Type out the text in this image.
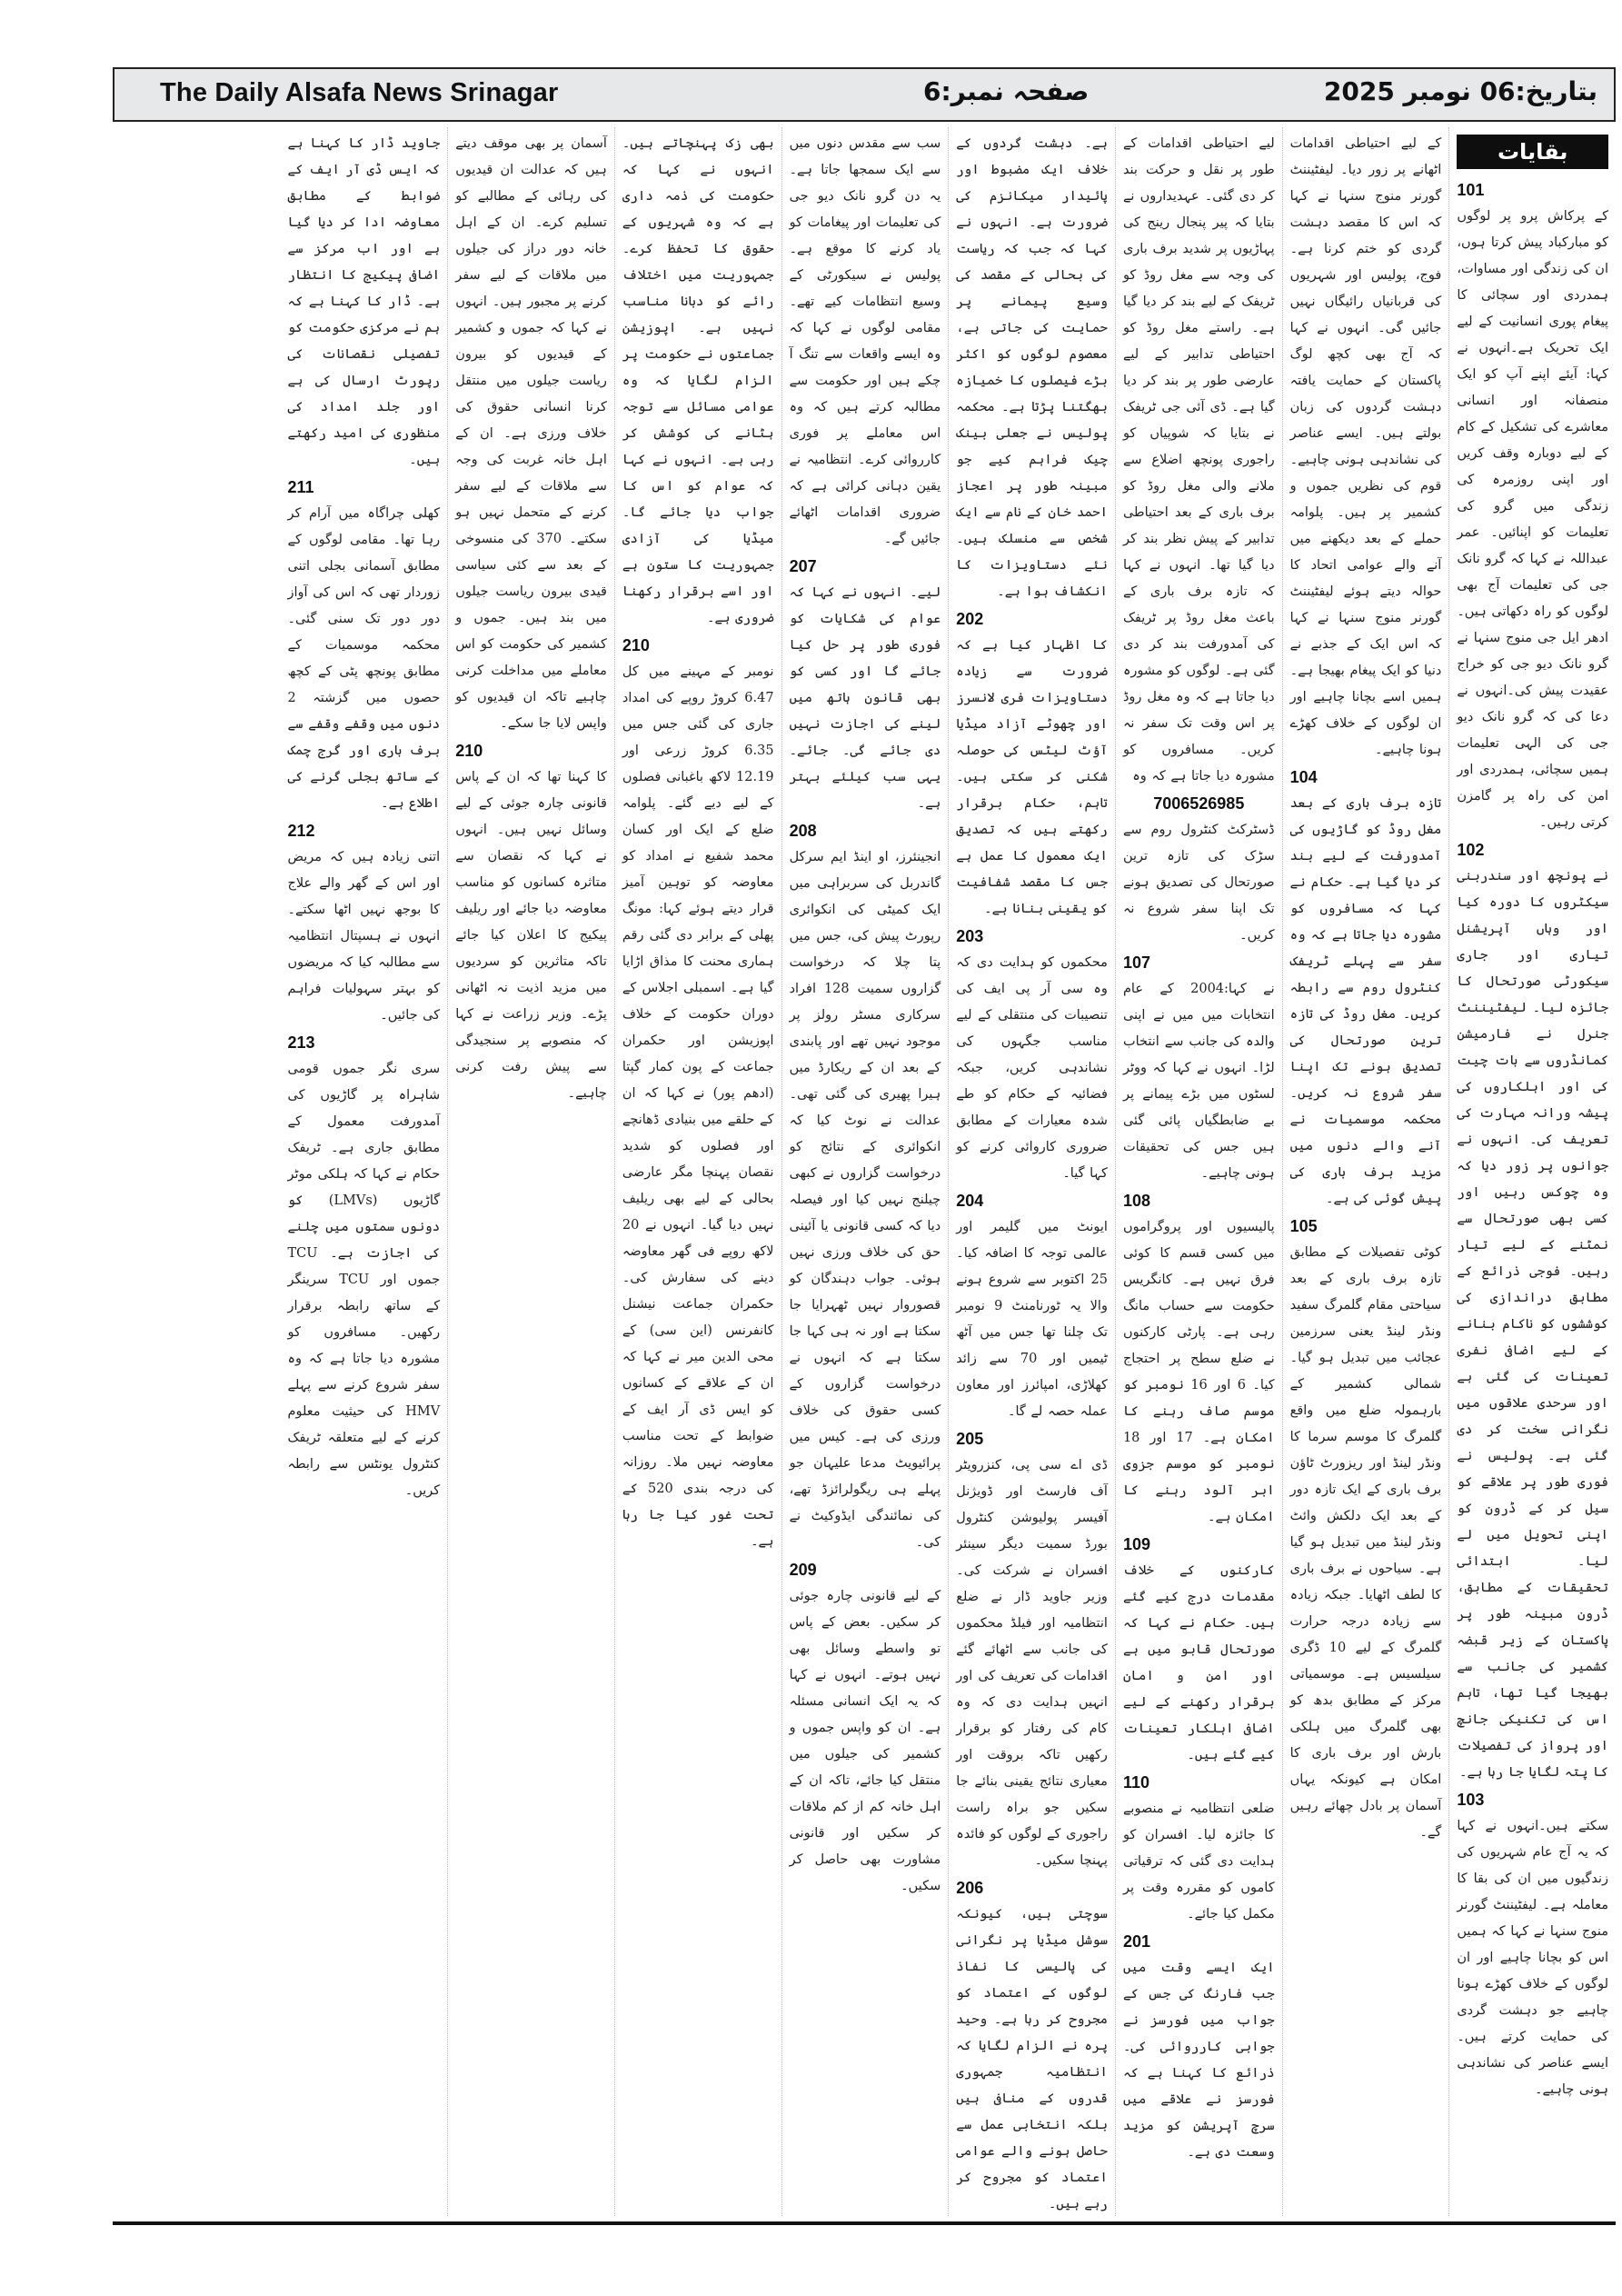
The Daily Alsafa News Srinagar	صفحہ نمبر:6	بتاریخ:06 نومبر 2025
بقایات
101
کے پرکاش پرو پر لوگوں کو مبارکباد پیش کرتا ہوں، ان کی زندگی اور مساوات، ہمدردی اور سچائی کا پیغام پوری انسانیت کے لیے ایک تحریک ہے۔انہوں نے کہا: آیئے اپنے آپ کو ایک منصفانہ اور انسانی معاشرے کی تشکیل کے کام کے لیے دوبارہ وقف کریں اور اپنی روزمرہ کی زندگی میں گرو کی تعلیمات کو اپنائیں۔ عمر عبداللہ نے کہا کہ گرو نانک جی کی تعلیمات آج بھی لوگوں کو راہ دکھاتی ہیں۔ ادھر ایل جی منوج سنہا نے گرو نانک دیو جی کو خراج عقیدت پیش کی۔انہوں نے دعا کی کہ گرو نانک دیو جی کی الہی تعلیمات ہمیں سچائی، ہمدردی اور امن کی راہ پر گامزن کرتی رہیں۔
102
نے پونچھ اور سندربنی سیکٹروں کا دورہ کیا اور وہاں آپریشنل تیاری اور جاری سیکورٹی صورتحال کا جائزہ لیا۔ لیفٹیننٹ جنرل نے فارمیشن کمانڈروں سے بات چیت کی اور اہلکاروں کی پیشہ ورانہ مہارت کی تعریف کی۔ انہوں نے جوانوں پر زور دیا کہ وہ چوکس رہیں اور کسی بھی صورتحال سے نمٹنے کے لیے تیار رہیں۔ فوجی ذرائع کے مطابق دراندازی کی کوششوں کو ناکام بنانے کے لیے اضافی نفری تعینات کی گئی ہے اور سرحدی علاقوں میں نگرانی سخت کر دی گئی ہے۔ پولیس نے فوری طور پر علاقے کو سیل کر کے ڈرون کو اپنی تحویل میں لے لیا۔ ابتدائی تحقیقات کے مطابق، ڈرون مبینہ طور پر پاکستان کے زیر قبضہ کشمیر کی جانب سے بھیجا گیا تھا، تاہم اس کی تکنیکی جانچ اور پرواز کی تفصیلات کا پتہ لگایا جا رہا ہے۔
103
سکتے ہیں۔انہوں نے کہا کہ یہ آج عام شہریوں کی زندگیوں میں ان کی بقا کا معاملہ ہے۔ لیفٹیننٹ گورنر منوج سنہا نے کہا کہ ہمیں اس کو بچانا چاہیے اور ان لوگوں کے خلاف کھڑے ہونا چاہیے جو دہشت گردی کی حمایت کرتے ہیں۔ ایسے عناصر کی نشاندہی ہونی چاہیے۔
کے لیے احتیاطی اقدامات اٹھانے پر زور دیا۔ لیفٹیننٹ گورنر منوج سنہا نے کہا کہ اس کا مقصد دہشت گردی کو ختم کرنا ہے۔ فوج، پولیس اور شہریوں کی قربانیاں رائیگاں نہیں جائیں گی۔ انہوں نے کہا کہ آج بھی کچھ لوگ پاکستان کے حمایت یافتہ دہشت گردوں کی زبان بولتے ہیں۔ ایسے عناصر کی نشاندہی ہونی چاہیے۔ قوم کی نظریں جموں و کشمیر پر ہیں۔ پلوامہ حملے کے بعد دیکھنے میں آنے والے عوامی اتحاد کا حوالہ دیتے ہوئے لیفٹیننٹ گورنر منوج سنہا نے کہا کہ اس ایک کے جذبے نے دنیا کو ایک پیغام بھیجا ہے۔ ہمیں اسے بچانا چاہیے اور ان لوگوں کے خلاف کھڑے ہونا چاہیے۔
104
تازہ برف باری کے بعد مغل روڈ کو گاڑیوں کی آمدورفت کے لیے بند کر دیا گیا ہے۔ حکام نے کہا کہ مسافروں کو مشورہ دیا جاتا ہے کہ وہ سفر سے پہلے ٹریفک کنٹرول روم سے رابطہ کریں۔ مغل روڈ کی تازہ ترین صورتحال کی تصدیق ہونے تک اپنا سفر شروع نہ کریں۔ محکمہ موسمیات نے آنے والے دنوں میں مزید برف باری کی پیش گوئی کی ہے۔
105
کوٹی تفصیلات کے مطابق تازہ برف باری کے بعد سیاحتی مقام گلمرگ سفید ونڈر لینڈ یعنی سرزمین عجائب میں تبدیل ہو گیا۔ شمالی کشمیر کے بارہمولہ ضلع میں واقع گلمرگ کا موسم سرما کا ونڈر لینڈ اور ریزورٹ ٹاؤن برف باری کے ایک تازہ دور کے بعد ایک دلکش وائٹ ونڈر لینڈ میں تبدیل ہو گیا ہے۔ سیاحوں نے برف باری کا لطف اٹھایا۔ جبکہ زیادہ سے زیادہ درجہ حرارت گلمرگ کے لیے 10 ڈگری سیلسیس ہے۔ موسمیاتی مرکز کے مطابق بدھ کو بھی گلمرگ میں ہلکی بارش اور برف باری کا امکان ہے کیونکہ یہاں آسمان پر بادل چھائے رہیں گے۔
لیے احتیاطی اقدامات کے طور پر نقل و حرکت بند کر دی گئی۔ عہدیداروں نے بتایا کہ پیر پنجال رینج کی پہاڑیوں پر شدید برف باری کی وجہ سے مغل روڈ کو ٹریفک کے لیے بند کر دیا گیا ہے۔ راستے مغل روڈ کو احتیاطی تدابیر کے لیے عارضی طور پر بند کر دیا گیا ہے۔ ڈی آئی جی ٹریفک نے بتایا کہ شوپیاں کو راجوری پونچھ اضلاع سے ملانے والی مغل روڈ کو برف باری کے بعد احتیاطی تدابیر کے پیش نظر بند کر دیا گیا تھا۔ انہوں نے کہا کہ تازہ برف باری کے باعث مغل روڈ پر ٹریفک کی آمدورفت بند کر دی گئی ہے۔ لوگوں کو مشورہ دیا جاتا ہے کہ وہ مغل روڈ پر اس وقت تک سفر نہ کریں۔ مسافروں کو مشورہ دیا جاتا ہے کہ وہ
7006526985
ڈسٹرکٹ کنٹرول روم سے سڑک کی تازہ ترین صورتحال کی تصدیق ہونے تک اپنا سفر شروع نہ کریں۔
107
نے کہا:2004 کے عام انتخابات میں میں نے اپنی والدہ کی جانب سے انتخاب لڑا۔ انہوں نے کہا کہ ووٹر لسٹوں میں بڑے پیمانے پر بے ضابطگیاں پائی گئی ہیں جس کی تحقیقات ہونی چاہیے۔
108
پالیسیوں اور پروگراموں میں کسی قسم کا کوئی فرق نہیں ہے۔ کانگریس حکومت سے حساب مانگ رہی ہے۔ پارٹی کارکنوں نے ضلع سطح پر احتجاج کیا۔ 6 اور 16 نومبر کو موسم صاف رہنے کا امکان ہے۔ 17 اور 18 نومبر کو موسم جزوی ابر آلود رہنے کا امکان ہے۔
109
کارکنوں کے خلاف مقدمات درج کیے گئے ہیں۔ حکام نے کہا کہ صورتحال قابو میں ہے اور امن و امان برقرار رکھنے کے لیے اضافی اہلکار تعینات کیے گئے ہیں۔
110
ضلعی انتظامیہ نے منصوبے کا جائزہ لیا۔ افسران کو ہدایت دی گئی کہ ترقیاتی کاموں کو مقررہ وقت پر مکمل کیا جائے۔
201
ایک ایسے وقت میں جب فارنگ کی جس کے جواب میں فورسز نے جوابی کارروائی کی۔ ذرائع کا کہنا ہے کہ فورسز نے علاقے میں سرچ آپریشن کو مزید وسعت دی ہے۔
ہے۔ دہشت گردوں کے خلاف ایک مضبوط اور پائیدار میکانزم کی ضرورت ہے۔ انہوں نے کہا کہ جب کہ ریاست کی بحالی کے مقصد کی وسیع پیمانے پر حمایت کی جاتی ہے، معصوم لوگوں کو اکثر بڑے فیصلوں کا خمیازہ بھگتنا پڑتا ہے۔ محکمہ پولیس نے جعلی بینک چیک فراہم کیے جو مبینہ طور پر اعجاز احمد خان کے نام سے ایک شخص سے منسلک ہیں۔ نئے دستاویزات کا انکشاف ہوا ہے۔
202
کا اظہار کیا ہے کہ ضرورت سے زیادہ دستاویزات فری لانسرز اور چھوٹے آزاد میڈیا آؤٹ لیٹس کی حوصلہ شکنی کر سکتی ہیں۔ تاہم، حکام برقرار رکھتے ہیں کہ تصدیق ایک معمول کا عمل ہے جس کا مقصد شفافیت کو یقینی بنانا ہے۔
203
محکموں کو ہدایت دی کہ وہ سی آر پی ایف کی تنصیبات کی منتقلی کے لیے مناسب جگہوں کی نشاندہی کریں، جبکہ فضائیہ کے حکام کو طے شدہ معیارات کے مطابق ضروری کاروائی کرنے کو کہا گیا۔
204
ایونٹ میں گلیمر اور عالمی توجہ کا اضافہ کیا۔ 25 اکتوبر سے شروع ہونے والا یہ ٹورنامنٹ 9 نومبر تک چلنا تھا جس میں آٹھ ٹیمیں اور 70 سے زائد کھلاڑی، امپائرز اور معاون عملہ حصہ لے گا۔
205
ڈی اے سی پی، کنزرویٹر آف فارسٹ اور ڈویژنل آفیسر پولیوشن کنٹرول بورڈ سمیت دیگر سینئر افسران نے شرکت کی۔ وزیر جاوید ڈار نے ضلع انتظامیہ اور فیلڈ محکموں کی جانب سے اٹھائے گئے اقدامات کی تعریف کی اور انہیں ہدایت دی کہ وہ کام کی رفتار کو برقرار رکھیں تاکہ بروقت اور معیاری نتائج یقینی بنائے جا سکیں جو براہ راست راجوری کے لوگوں کو فائدہ پہنچا سکیں۔
206
سوچتی ہیں، کیونکہ سوشل میڈیا پر نگرانی کی پالیسی کا نفاذ لوگوں کے اعتماد کو مجروح کر رہا ہے۔ وحید پرہ نے الزام لگایا کہ انتظامیہ جمہوری قدروں کے منافی ہیں بلکہ انتخابی عمل سے حاصل ہونے والے عوامی اعتماد کو مجروح کر رہے ہیں۔
سب سے مقدس دنوں میں سے ایک سمجھا جاتا ہے۔ یہ دن گرو نانک دیو جی کی تعلیمات اور پیغامات کو یاد کرنے کا موقع ہے۔ پولیس نے سیکورٹی کے وسیع انتظامات کیے تھے۔ مقامی لوگوں نے کہا کہ وہ ایسے واقعات سے تنگ آ چکے ہیں اور حکومت سے مطالبہ کرتے ہیں کہ وہ اس معاملے پر فوری کارروائی کرے۔ انتظامیہ نے یقین دہانی کرائی ہے کہ ضروری اقدامات اٹھائے جائیں گے۔
207
لیے۔ انہوں نے کہا کہ عوام کی شکایات کو فوری طور پر حل کیا جائے گا اور کسی کو بھی قانون ہاتھ میں لینے کی اجازت نہیں دی جائے گی۔ جائے۔ یہی سب کیلئے بہتر ہے۔
208
انجینئرز، او اینڈ ایم سرکل گاندربل کی سربراہی میں ایک کمیٹی کی انکوائری رپورٹ پیش کی، جس میں پتا چلا کہ درخواست گزاروں سمیت 128 افراد سرکاری مسٹر رولز پر موجود نہیں تھے اور پابندی کے بعد ان کے ریکارڈ میں ہیرا پھیری کی گئی تھی۔ عدالت نے نوٹ کیا کہ انکوائری کے نتائج کو درخواست گزاروں نے کبھی چیلنج نہیں کیا اور فیصلہ دیا کہ کسی قانونی یا آئینی حق کی خلاف ورزی نہیں ہوئی۔ جواب دہندگان کو قصوروار نہیں ٹھہرایا جا سکتا ہے اور نہ ہی کہا جا سکتا ہے کہ انہوں نے درخواست گزاروں کے کسی حقوق کی خلاف ورزی کی ہے۔ کیس میں پرائیویٹ مدعا علیہان جو پہلے ہی ریگولرائزڈ تھے، کی نمائندگی ایڈوکیٹ نے کی۔
209
کے لیے قانونی چارہ جوئی کر سکیں۔ بعض کے پاس تو واسطے وسائل بھی نہیں ہوتے۔ انہوں نے کہا کہ یہ ایک انسانی مسئلہ ہے۔ ان کو واپس جموں و کشمیر کی جیلوں میں منتقل کیا جائے، تاکہ ان کے اہل خانہ کم از کم ملاقات کر سکیں اور قانونی مشاورت بھی حاصل کر سکیں۔
بھی زک پہنچاتے ہیں۔ انہوں نے کہا کہ حکومت کی ذمہ داری ہے کہ وہ شہریوں کے حقوق کا تحفظ کرے۔ جمہوریت میں اختلاف رائے کو دبانا مناسب نہیں ہے۔ اپوزیشن جماعتوں نے حکومت پر الزام لگایا کہ وہ عوامی مسائل سے توجہ ہٹانے کی کوشش کر رہی ہے۔ انہوں نے کہا کہ عوام کو اس کا جواب دیا جائے گا۔ میڈیا کی آزادی جمہوریت کا ستون ہے اور اسے برقرار رکھنا ضروری ہے۔
210
نومبر کے مہینے میں کل 6.47 کروڑ روپے کی امداد جاری کی گئی جس میں 6.35 کروڑ زرعی اور 12.19 لاکھ باغبانی فصلوں کے لیے دیے گئے۔ پلوامہ ضلع کے ایک اور کسان محمد شفیع نے امداد کو معاوضہ کو توہین آمیز قرار دیتے ہوئے کہا: مونگ پھلی کے برابر دی گئی رقم ہماری محنت کا مذاق اڑایا گیا ہے۔ اسمبلی اجلاس کے دوران حکومت کے خلاف اپوزیشن اور حکمران جماعت کے پون کمار گپتا (ادھم پور) نے کہا کہ ان کے حلقے میں بنیادی ڈھانچے اور فصلوں کو شدید نقصان پہنچا مگر عارضی بحالی کے لیے بھی ریلیف نہیں دیا گیا۔ انہوں نے 20 لاکھ روپے فی گھر معاوضہ دینے کی سفارش کی۔ حکمران جماعت نیشنل کانفرنس (این سی) کے محی الدین میر نے کہا کہ ان کے علاقے کے کسانوں کو ایس ڈی آر ایف کے ضوابط کے تحت مناسب معاوضہ نہیں ملا۔ روزانہ کی درجہ بندی 520 کے تحت غور کیا جا رہا ہے۔
آسمان پر بھی موقف دیتے ہیں کہ عدالت ان قیدیوں کی رہائی کے مطالبے کو تسلیم کرے۔ ان کے اہل خانہ دور دراز کی جیلوں میں ملاقات کے لیے سفر کرنے پر مجبور ہیں۔ انہوں نے کہا کہ جموں و کشمیر کے قیدیوں کو بیرون ریاست جیلوں میں منتقل کرنا انسانی حقوق کی خلاف ورزی ہے۔ ان کے اہل خانہ غربت کی وجہ سے ملاقات کے لیے سفر کرنے کے متحمل نہیں ہو سکتے۔ 370 کی منسوخی کے بعد سے کئی سیاسی قیدی بیرون ریاست جیلوں میں بند ہیں۔ جموں و کشمیر کی حکومت کو اس معاملے میں مداخلت کرنی چاہیے تاکہ ان قیدیوں کو واپس لایا جا سکے۔
210
کا کہنا تھا کہ ان کے پاس قانونی چارہ جوئی کے لیے وسائل نہیں ہیں۔ انہوں نے کہا کہ نقصان سے متاثرہ کسانوں کو مناسب معاوضہ دیا جائے اور ریلیف پیکیج کا اعلان کیا جائے تاکہ متاثرین کو سردیوں میں مزید اذیت نہ اٹھانی پڑے۔ وزیر زراعت نے کہا کہ منصوبے پر سنجیدگی سے پیش رفت کرنی چاہیے۔
جاوید ڈار کا کہنا ہے کہ ایس ڈی آر ایف کے ضوابط کے مطابق معاوضہ ادا کر دیا گیا ہے اور اب مرکز سے اضافی پیکیج کا انتظار ہے۔ ڈار کا کہنا ہے کہ ہم نے مرکزی حکومت کو تفصیلی نقصانات کی رپورٹ ارسال کی ہے اور جلد امداد کی منظوری کی امید رکھتے ہیں۔
211
کھلی چراگاہ میں آرام کر رہا تھا۔ مقامی لوگوں کے مطابق آسمانی بجلی اتنی زوردار تھی کہ اس کی آواز دور دور تک سنی گئی۔ محکمہ موسمیات کے مطابق پونچھ پٹی کے کچھ حصوں میں گزشتہ 2 دنوں میں وقفے وقفے سے برف باری اور گرج چمک کے ساتھ بجلی گرنے کی اطلاع ہے۔
212
اتنی زیادہ ہیں کہ مریض اور اس کے گھر والے علاج کا بوجھ نہیں اٹھا سکتے۔ انہوں نے ہسپتال انتظامیہ سے مطالبہ کیا کہ مریضوں کو بہتر سہولیات فراہم کی جائیں۔
213
سری نگر جموں قومی شاہراہ پر گاڑیوں کی آمدورفت معمول کے مطابق جاری ہے۔ ٹریفک حکام نے کہا کہ ہلکی موٹر گاڑیوں (LMVs) کو دونوں سمتوں میں چلنے کی اجازت ہے۔ TCU جموں اور TCU سرینگر کے ساتھ رابطہ برقرار رکھیں۔ مسافروں کو مشورہ دیا جاتا ہے کہ وہ سفر شروع کرنے سے پہلے HMV کی حیثیت معلوم کرنے کے لیے متعلقہ ٹریفک کنٹرول یونٹس سے رابطہ کریں۔
